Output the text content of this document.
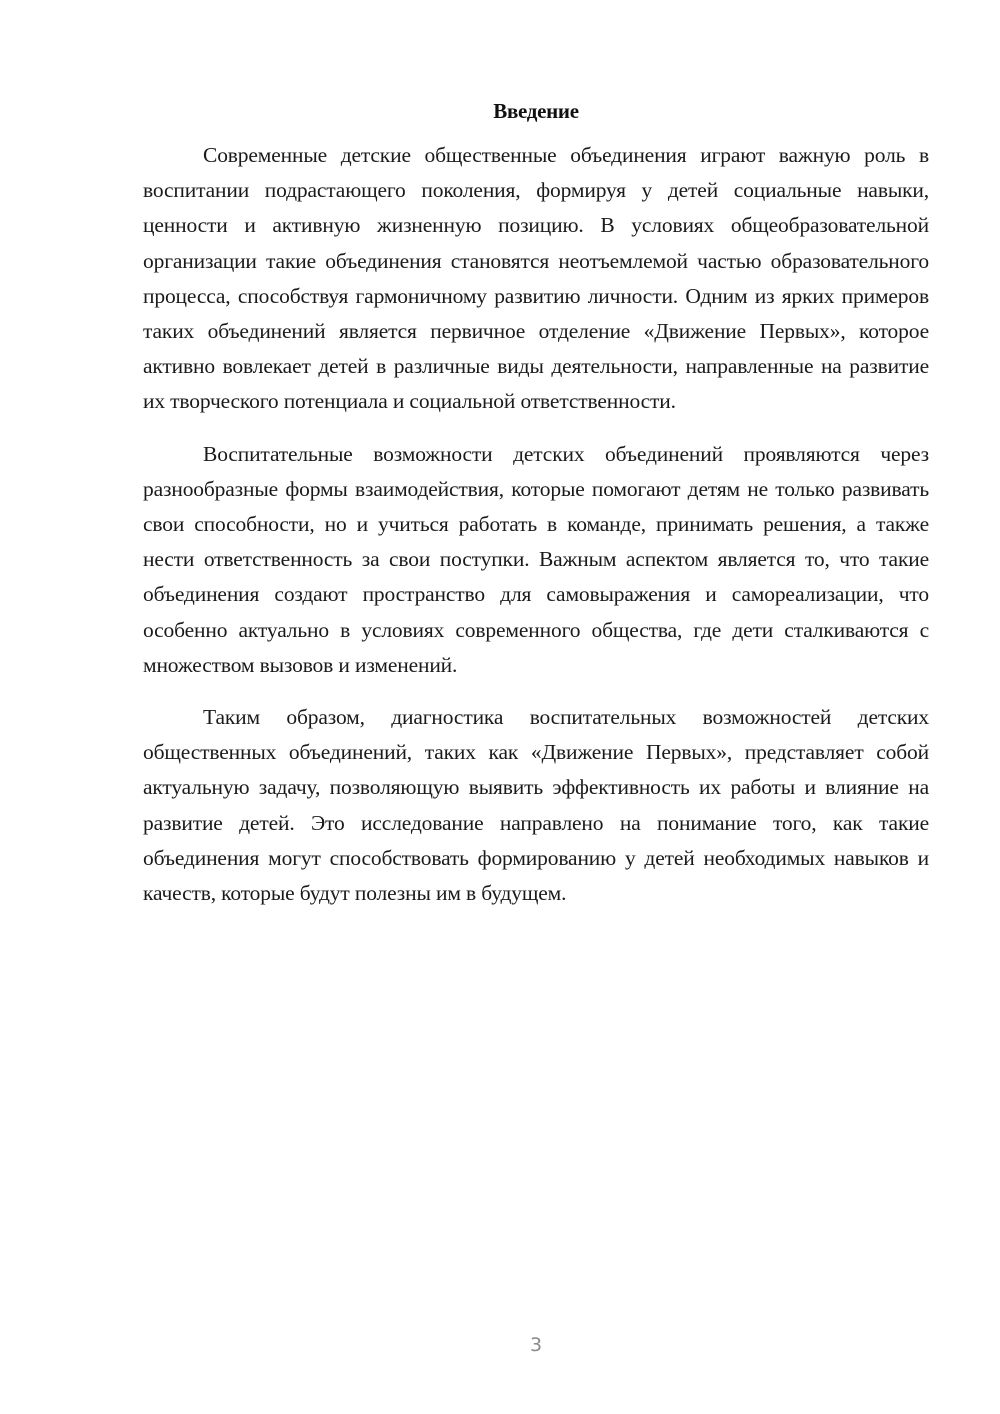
Введение

Современные детские общественные объединения играют важную роль в воспитании подрастающего поколения, формируя у детей социальные навыки, ценности и активную жизненную позицию. В условиях общеобразовательной организации такие объединения становятся неотъемлемой частью образовательного процесса, способствуя гармоничному развитию личности. Одним из ярких примеров таких объединений является первичное отделение «Движение Первых», которое активно вовлекает детей в различные виды деятельности, направленные на развитие их творческого потенциала и социальной ответственности.

Воспитательные возможности детских объединений проявляются через разнообразные формы взаимодействия, которые помогают детям не только развивать свои способности, но и учиться работать в команде, принимать решения, а также нести ответственность за свои поступки. Важным аспектом является то, что такие объединения создают пространство для самовыражения и самореализации, что особенно актуально в условиях современного общества, где дети сталкиваются с множеством вызовов и изменений.

Таким образом, диагностика воспитательных возможностей детских общественных объединений, таких как «Движение Первых», представляет собой актуальную задачу, позволяющую выявить эффективность их работы и влияние на развитие детей. Это исследование направлено на понимание того, как такие объединения могут способствовать формированию у детей необходимых навыков и качеств, которые будут полезны им в будущем.

3
